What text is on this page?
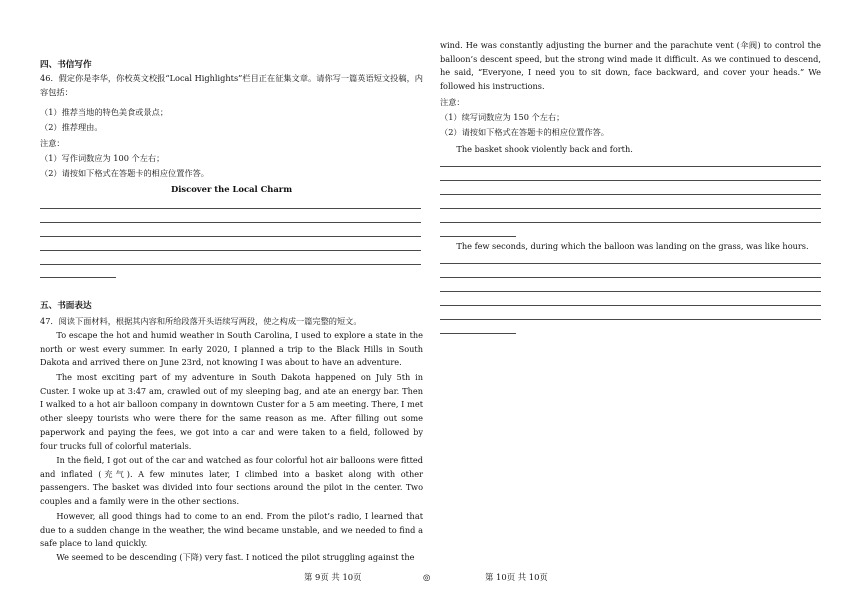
四、书信写作

46．假定你是李华，你校英文校报“Local Highlights”栏目正在征集文章。请你写一篇英语短文投稿，内容包括：

（1）推荐当地的特色美食或景点；

（2）推荐理由。

注意：

（1）写作词数应为 100 个左右；

（2）请按如下格式在答题卡的相应位置作答。

Discover the Local Charm

五、书面表达

47．阅读下面材料，根据其内容和所给段落开头语续写两段，使之构成一篇完整的短文。

To escape the hot and humid weather in South Carolina, I used to explore a state in the north or west every summer. In early 2020, I planned a trip to the Black Hills in South Dakota and arrived there on June 23rd, not knowing I was about to have an adventure.

The most exciting part of my adventure in South Dakota happened on July 5th in Custer. I woke up at 3:47 am, crawled out of my sleeping bag, and ate an energy bar. Then I walked to a hot air balloon company in downtown Custer for a 5 am meeting. There, I met other sleepy tourists who were there for the same reason as me. After filling out some paperwork and paying the fees, we got into a car and were taken to a field, followed by four trucks full of colorful materials.

In the field, I got out of the car and watched as four colorful hot air balloons were fitted and inflated (充气). A few minutes later, I climbed into a basket along with other passengers. The basket was divided into four sections around the pilot in the center. Two couples and a family were in the other sections.

However, all good things had to come to an end. From the pilot’s radio, I learned that due to a sudden change in the weather, the wind became unstable, and we needed to find a safe place to land quickly.

We seemed to be descending (下降) very fast. I noticed the pilot struggling against the

wind. He was constantly adjusting the burner and the parachute vent (伞阀) to control the balloon’s descent speed, but the strong wind made it difficult. As we continued to descend, he said, “Everyone, I need you to sit down, face backward, and cover your heads.” We followed his instructions.

注意：

（1）续写词数应为 150 个左右；

（2）请按如下格式在答题卡的相应位置作答。

The basket shook violently back and forth.

The few seconds, during which the balloon was landing on the grass, was like hours.

第 9页 共 10页	◎	第 10页 共 10页
